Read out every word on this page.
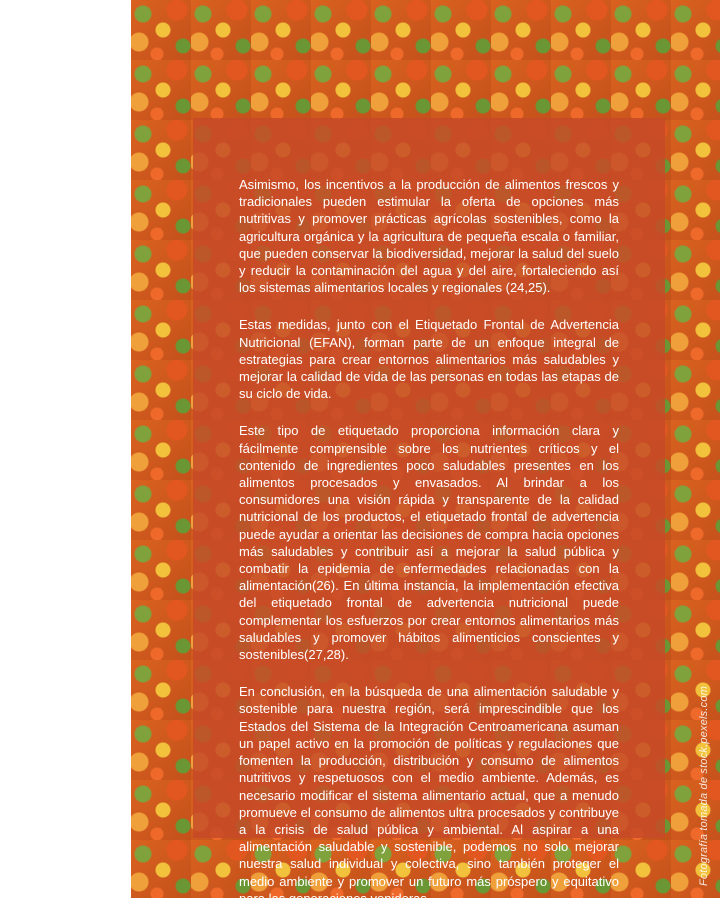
Fotografía tomada de stock.pexels.com

Asimismo, los incentivos a la producción de alimentos frescos y tradicionales pueden estimular la oferta de opciones más nutritivas y promover prácticas agrícolas sostenibles, como la agricultura orgánica y la agricultura de pequeña escala o familiar, que pueden conservar la biodiversidad, mejorar la salud del suelo y reducir la contaminación del agua y del aire, fortaleciendo así los sistemas alimentarios locales y regionales (24,25).

Estas medidas, junto con el Etiquetado Frontal de Advertencia Nutricional (EFAN), forman parte de un enfoque integral de estrategias para crear entornos alimentarios más saludables y mejorar la calidad de vida de las personas en todas las etapas de su ciclo de vida.

Este tipo de etiquetado proporciona información clara y fácilmente comprensible sobre los nutrientes críticos y el contenido de ingredientes poco saludables presentes en los alimentos procesados y envasados. Al brindar a los consumidores una visión rápida y transparente de la calidad nutricional de los productos, el etiquetado frontal de advertencia puede ayudar a orientar las decisiones de compra hacia opciones más saludables y contribuir así a mejorar la salud pública y combatir la epidemia de enfermedades relacionadas con la alimentación(26). En última instancia, la implementación efectiva del etiquetado frontal de advertencia nutricional puede complementar los esfuerzos por crear entornos alimentarios más saludables y promover hábitos alimenticios conscientes y sostenibles(27,28).

En conclusión, en la búsqueda de una alimentación saludable y sostenible para nuestra región, será imprescindible que los Estados del Sistema de la Integración Centroamericana asuman un papel activo en la promoción de políticas y regulaciones que fomenten la producción, distribución y consumo de alimentos nutritivos y respetuosos con el medio ambiente. Además, es necesario modificar el sistema alimentario actual, que a menudo promueve el consumo de alimentos ultra procesados y contribuye a la crisis de salud pública y ambiental. Al aspirar a una alimentación saludable y sostenible, podemos no solo mejorar nuestra salud individual y colectiva, sino también proteger el medio ambiente y promover un futuro más próspero y equitativo para las generaciones venideras.
